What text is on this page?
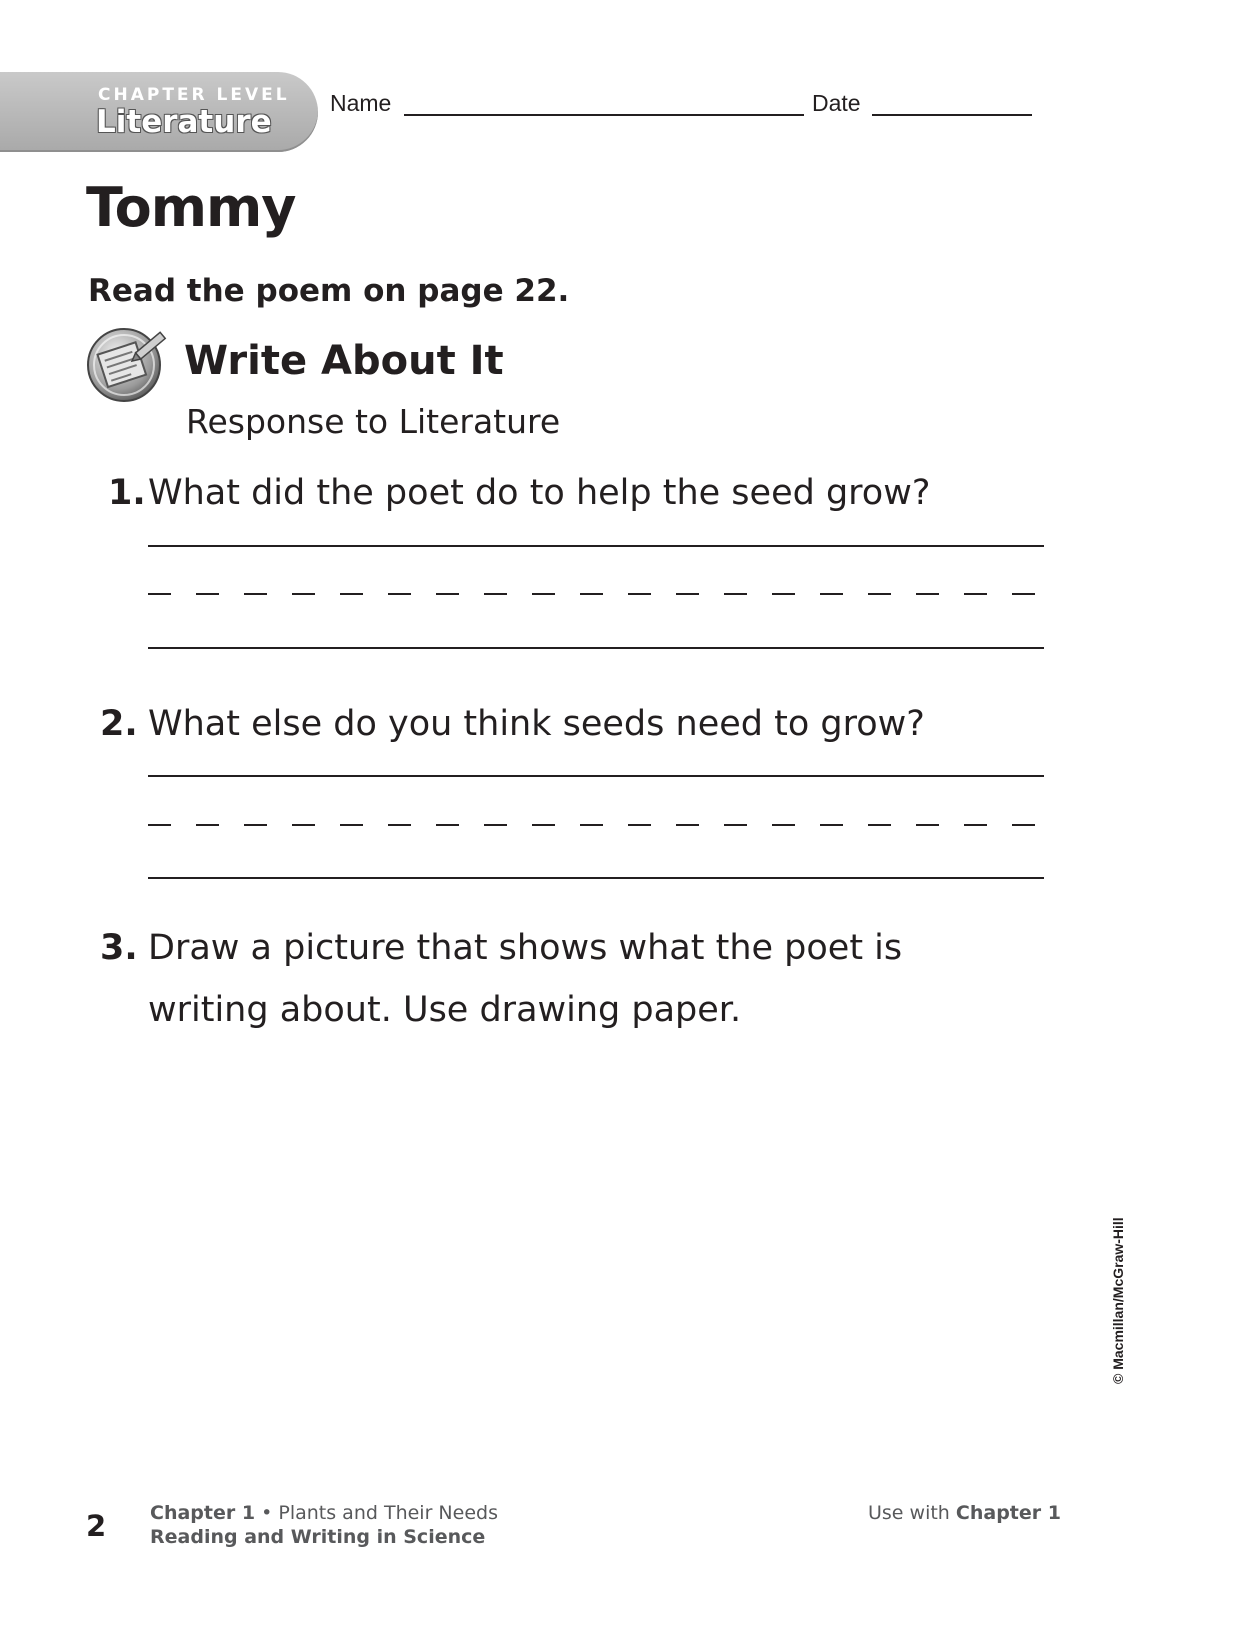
CHAPTER LEVEL
Literature
Name	Date
Tommy
Read the poem on page 22.
Write About It
Response to Literature
1. What did the poet do to help the seed grow?
2. What else do you think seeds need to grow?
3. Draw a picture that shows what the poet is
writing about. Use drawing paper.
© Macmillan/McGraw-Hill
2 Chapter 1 • Plants and Their Needs
Reading and Writing in Science
Use with Chapter 1
